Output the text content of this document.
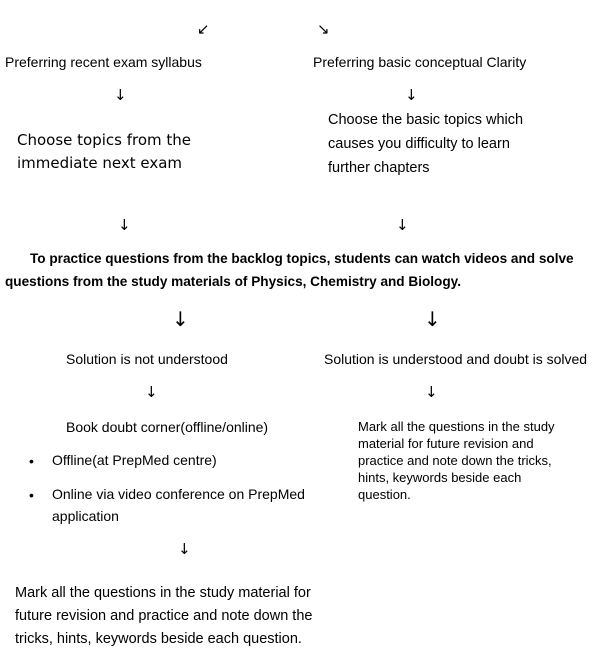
↙	↘
Preferring recent exam syllabus	Preferring basic conceptual Clarity
↓	↓
Choose topics from the
immediate next exam
Choose the basic topics which
causes you difficulty to learn
further chapters
↓	↓
To practice questions from the backlog topics, students can watch videos and solve
questions from the study materials of Physics, Chemistry and Biology.
↓	↓
Solution is not understood	Solution is understood and doubt is solved
↓	↓
Book doubt corner(offline/online)
• Offline(at PrepMed centre)
• Online via video conference on PrepMed
application
Mark all the questions in the study
material for future revision and
practice and note down the tricks,
hints, keywords beside each
question.
↓
Mark all the questions in the study material for
future revision and practice and note down the
tricks, hints, keywords beside each question.
